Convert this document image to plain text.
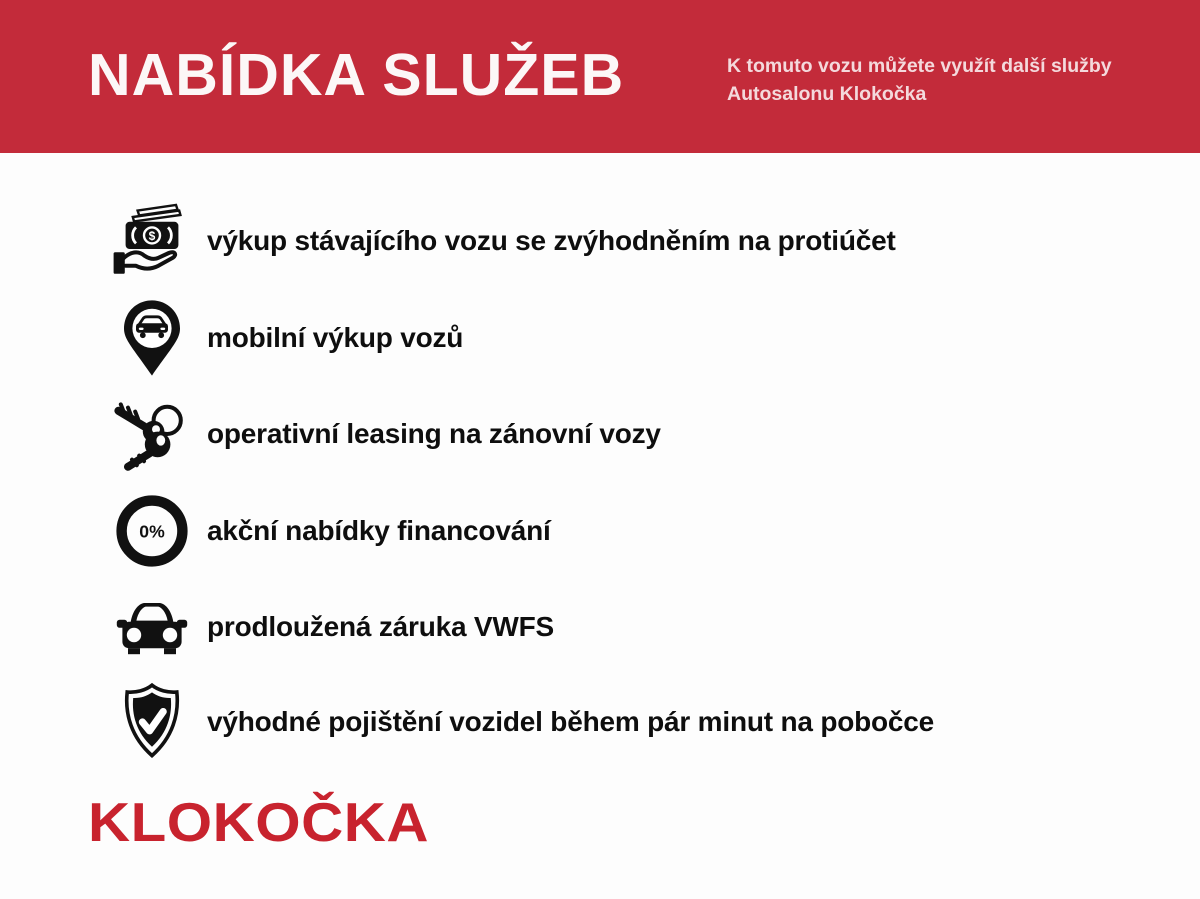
NABÍDKA SLUŽEB	K tomuto vozu můžete využít další služby
Autosalonu Klokočka
$ výkup stávajícího vozu se zvýhodněním na protiúčet
mobilní výkup vozů
operativní leasing na zánovní vozy
0% akční nabídky financování
prodloužená záruka VWFS
výhodné pojištění vozidel během pár minut na pobočce
KLOKOČKA
